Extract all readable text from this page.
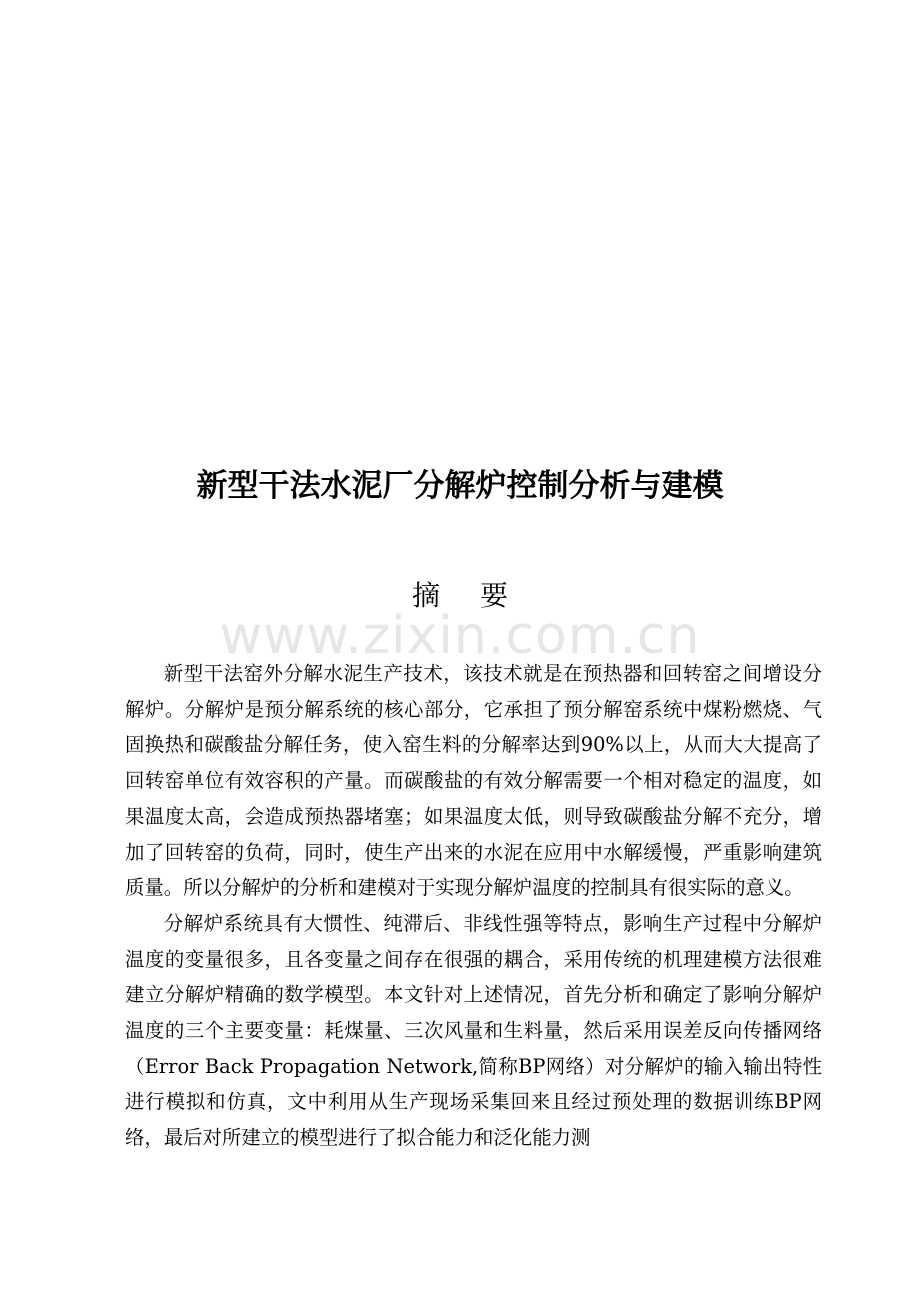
新型干法水泥厂分解炉控制分析与建模
摘要
www.zixin.com.cn

新型干法窑外分解水泥生产技术，该技术就是在预热器和回转窑之间增设分解炉。分解炉是预分解系统的核心部分，它承担了预分解窑系统中煤粉燃烧、气固换热和碳酸盐分解任务，使入窑生料的分解率达到90%以上，从而大大提高了回转窑单位有效容积的产量。而碳酸盐的有效分解需要一个相对稳定的温度，如果温度太高，会造成预热器堵塞；如果温度太低，则导致碳酸盐分解不充分，增加了回转窑的负荷，同时，使生产出来的水泥在应用中水解缓慢，严重影响建筑质量。所以分解炉的分析和建模对于实现分解炉温度的控制具有很实际的意义。

分解炉系统具有大惯性、纯滞后、非线性强等特点，影响生产过程中分解炉温度的变量很多，且各变量之间存在很强的耦合，采用传统的机理建模方法很难建立分解炉精确的数学模型。本文针对上述情况，首先分析和确定了影响分解炉温度的三个主要变量：耗煤量、三次风量和生料量，然后采用误差反向传播网络（Error Back Propagation Network,简称BP网络）对分解炉的输入输出特性进行模拟和仿真，文中利用从生产现场采集回来且经过预处理的数据训练BP网络，最后对所建立的模型进行了拟合能力和泛化能力测
